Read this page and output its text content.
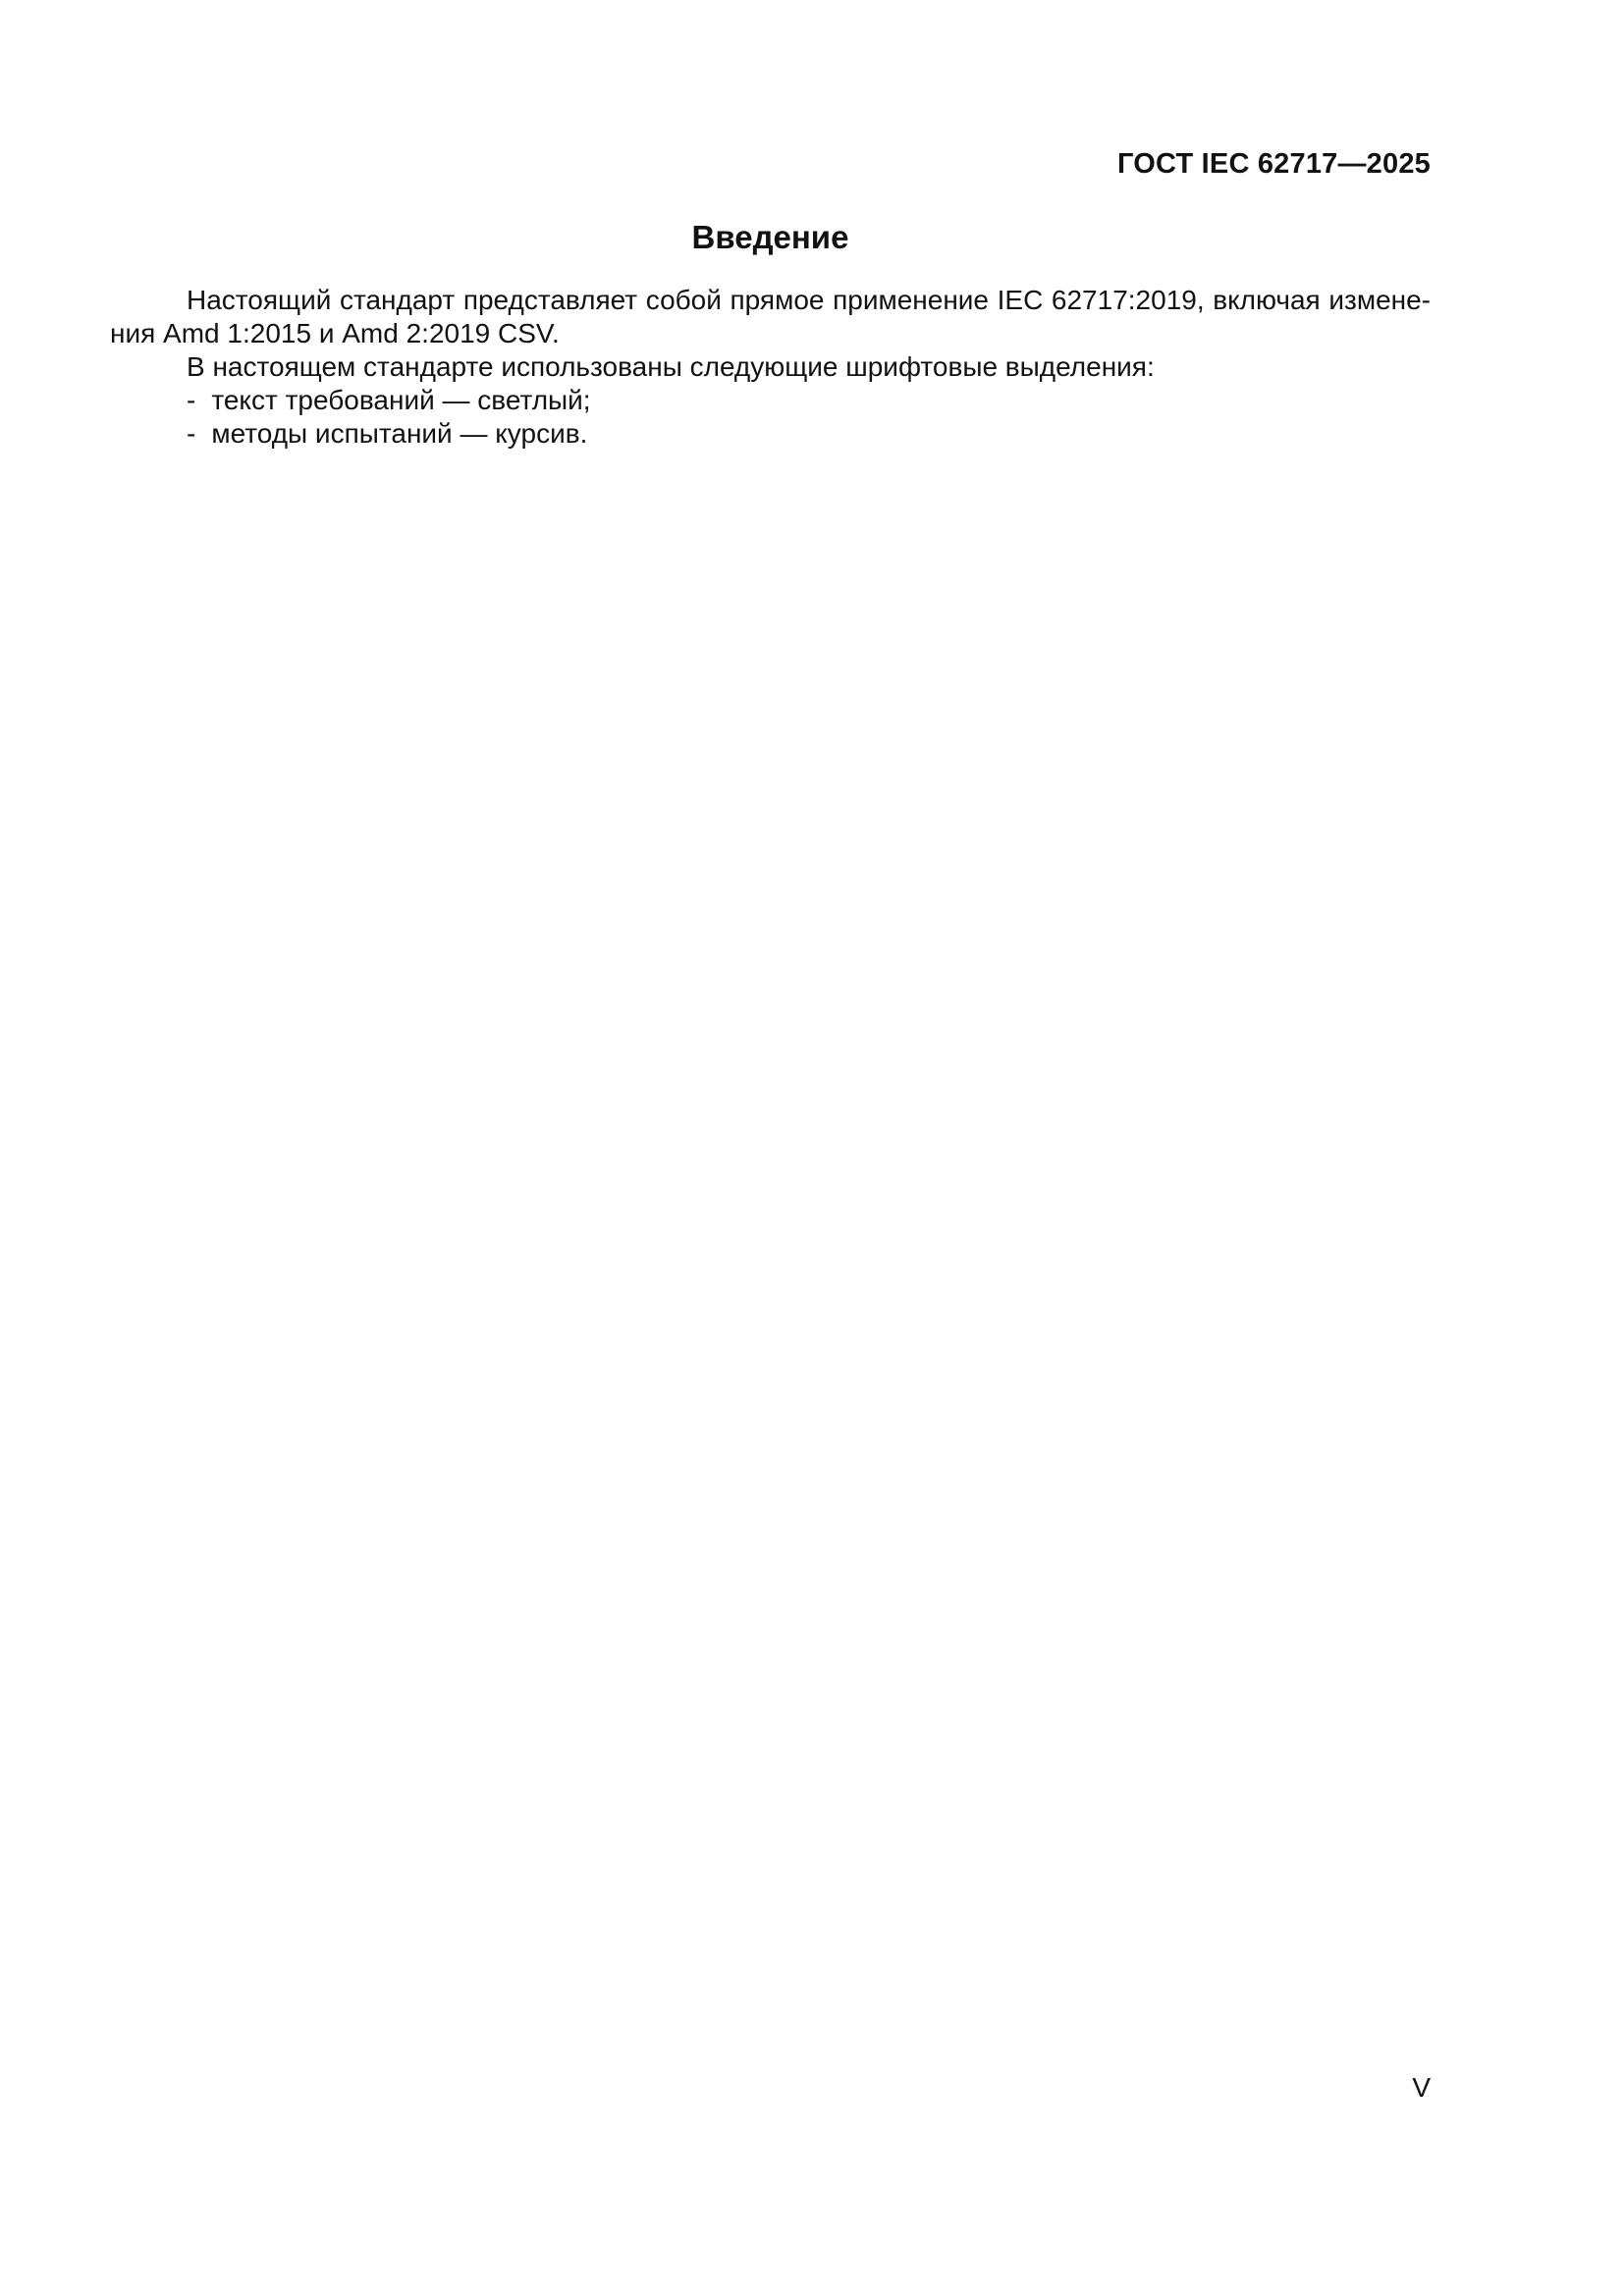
ГОСТ IEC 62717—2025
Введение

Настоящий стандарт представляет собой прямое применение IEC 62717:2019, включая измене-

ния Amd 1:2015 и Amd 2:2019 CSV.

В настоящем стандарте использованы следующие шрифтовые выделения:

- текст требований — светлый;

- методы испытаний — курсив.

V
